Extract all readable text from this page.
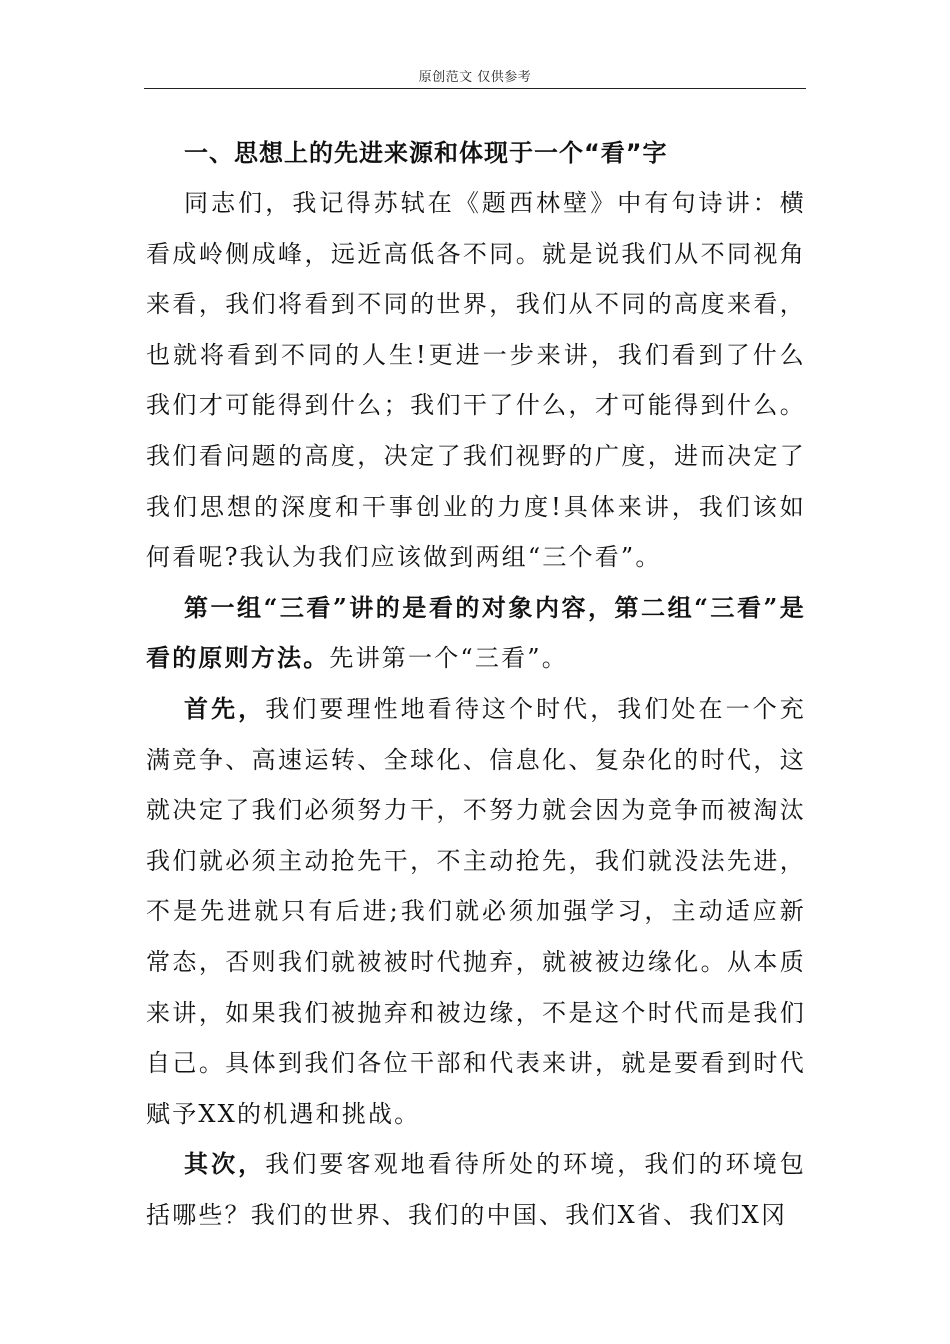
原创范文 仅供参考

一、思想上的先进来源和体现于一个“看”字

同志们，我记得苏轼在《题西林壁》中有句诗讲：横看成岭侧成峰，远近高低各不同。就是说我们从不同视角来看，我们将看到不同的世界，我们从不同的高度来看，也就将看到不同的人生!更进一步来讲，我们看到了什么我们才可能得到什么；我们干了什么，才可能得到什么。我们看问题的高度，决定了我们视野的广度，进而决定了我们思想的深度和干事创业的力度!具体来讲，我们该如何看呢?我认为我们应该做到两组“三个看”。

第一组“三看”讲的是看的对象内容，第二组“三看”是看的原则方法。先讲第一个“三看”。

首先，我们要理性地看待这个时代，我们处在一个充满竞争、高速运转、全球化、信息化、复杂化的时代，这就决定了我们必须努力干，不努力就会因为竞争而被淘汰我们就必须主动抢先干，不主动抢先，我们就没法先进，不是先进就只有后进;我们就必须加强学习，主动适应新常态，否则我们就被被时代抛弃，就被被边缘化。从本质来讲，如果我们被抛弃和被边缘，不是这个时代而是我们自己。具体到我们各位干部和代表来讲，就是要看到时代赋予XX的机遇和挑战。

其次，我们要客观地看待所处的环境，我们的环境包括哪些？我们的世界、我们的中国、我们X省、我们X冈
